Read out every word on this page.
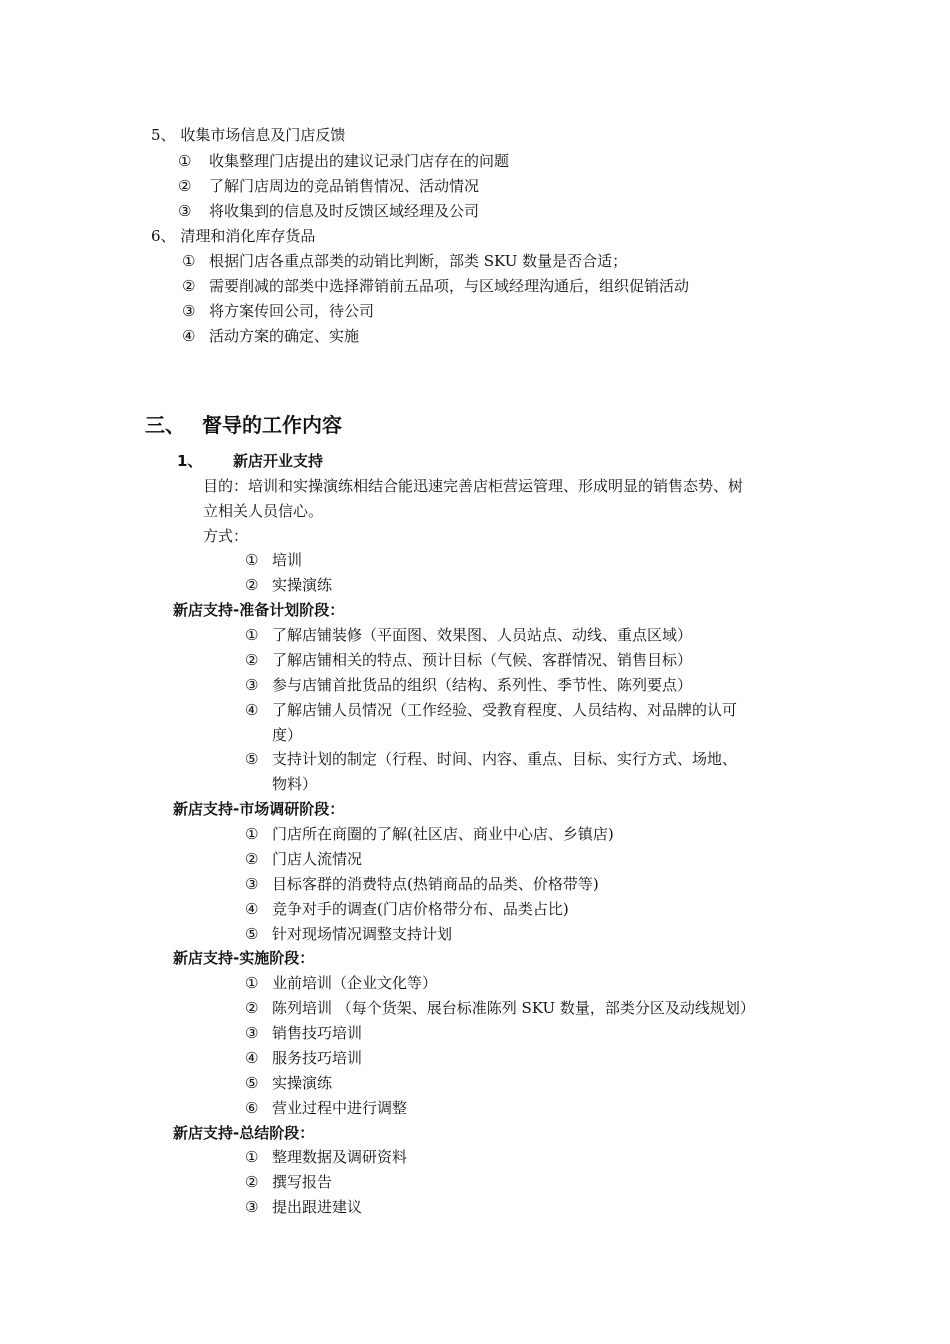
5、 收集市场信息及门店反馈
① 收集整理门店提出的建议记录门店存在的问题
② 了解门店周边的竞品销售情况、活动情况
③ 将收集到的信息及时反馈区域经理及公司
6、 清理和消化库存货品
① 根据门店各重点部类的动销比判断，部类 SKU 数量是否合适；
② 需要削减的部类中选择滞销前五品项，与区域经理沟通后，组织促销活动
③ 将方案传回公司，待公司
④ 活动方案的确定、实施
三、 督导的工作内容
1、 新店开业支持
目的：培训和实操演练相结合能迅速完善店柜营运管理、形成明显的销售态势、树
立相关人员信心。
方式：
① 培训
② 实操演练
新店支持-准备计划阶段：
① 了解店铺装修（平面图、效果图、人员站点、动线、重点区域）
② 了解店铺相关的特点、预计目标（气候、客群情况、销售目标）
③ 参与店铺首批货品的组织（结构、系列性、季节性、陈列要点）
④ 了解店铺人员情况（工作经验、受教育程度、人员结构、对品牌的认可
度）
⑤ 支持计划的制定（行程、时间、内容、重点、目标、实行方式、场地、
物料）
新店支持-市场调研阶段：
① 门店所在商圈的了解(社区店、商业中心店、乡镇店)
② 门店人流情况
③ 目标客群的消费特点(热销商品的品类、价格带等)
④ 竞争对手的调查(门店价格带分布、品类占比)
⑤ 针对现场情况调整支持计划
新店支持-实施阶段：
① 业前培训（企业文化等）
② 陈列培训 （每个货架、展台标准陈列 SKU 数量，部类分区及动线规划）
③ 销售技巧培训
④ 服务技巧培训
⑤ 实操演练
⑥ 营业过程中进行调整
新店支持-总结阶段：
① 整理数据及调研资料
② 撰写报告
③ 提出跟进建议
